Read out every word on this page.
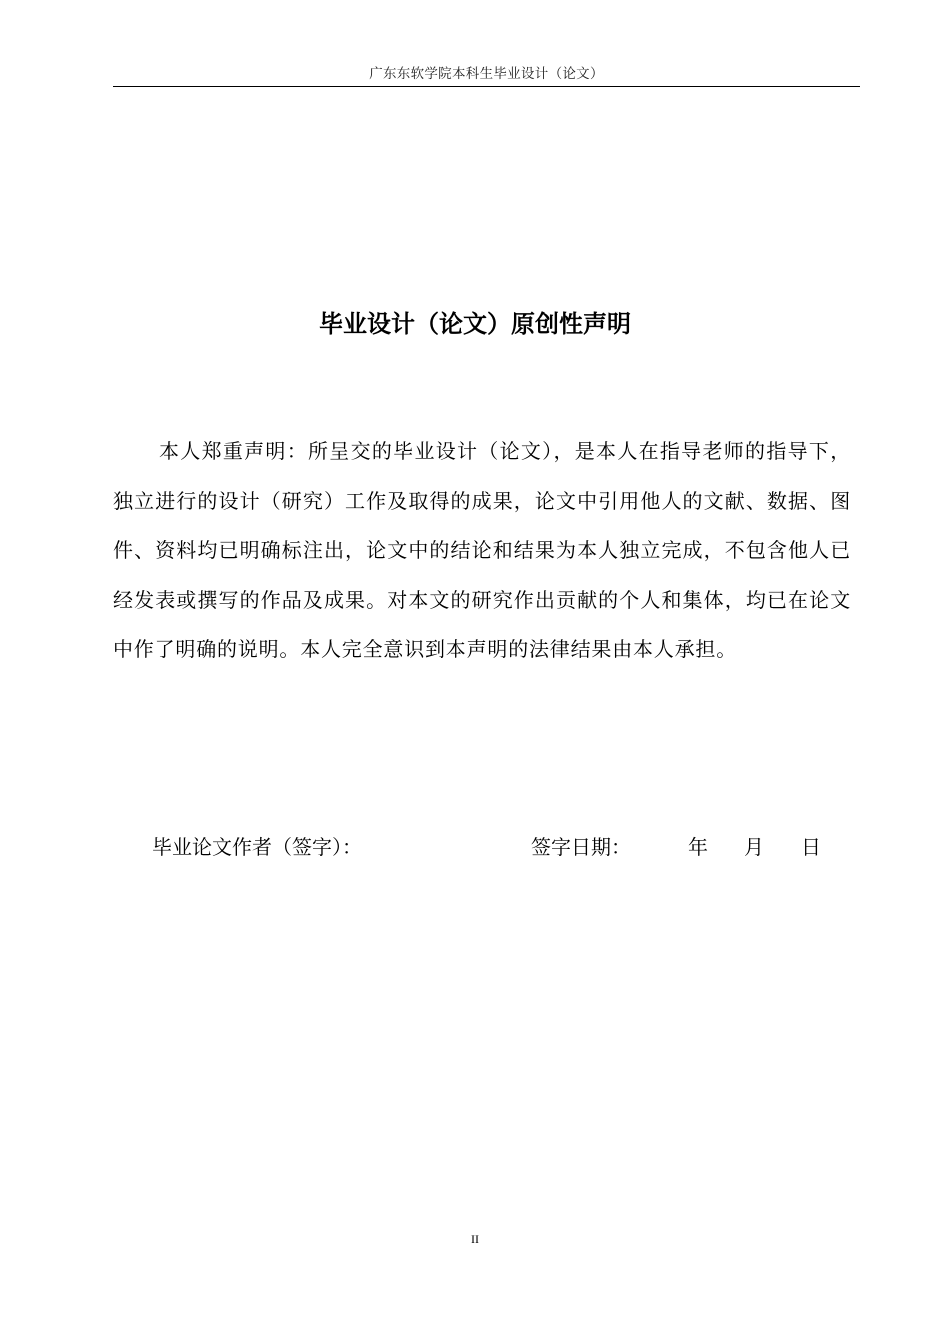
广东东软学院本科生毕业设计（论文）
毕业设计（论文）原创性声明

本人郑重声明：所呈交的毕业设计（论文），是本人在指导老师的指导下，独立进行的设计（研究）工作及取得的成果，论文中引用他人的文献、数据、图件、资料均已明确标注出，论文中的结论和结果为本人独立完成，不包含他人已经发表或撰写的作品及成果。对本文的研究作出贡献的个人和集体，均已在论文中作了明确的说明。本人完全意识到本声明的法律结果由本人承担。

毕业论文作者（签字）：	签字日期：	年 月 日
II
